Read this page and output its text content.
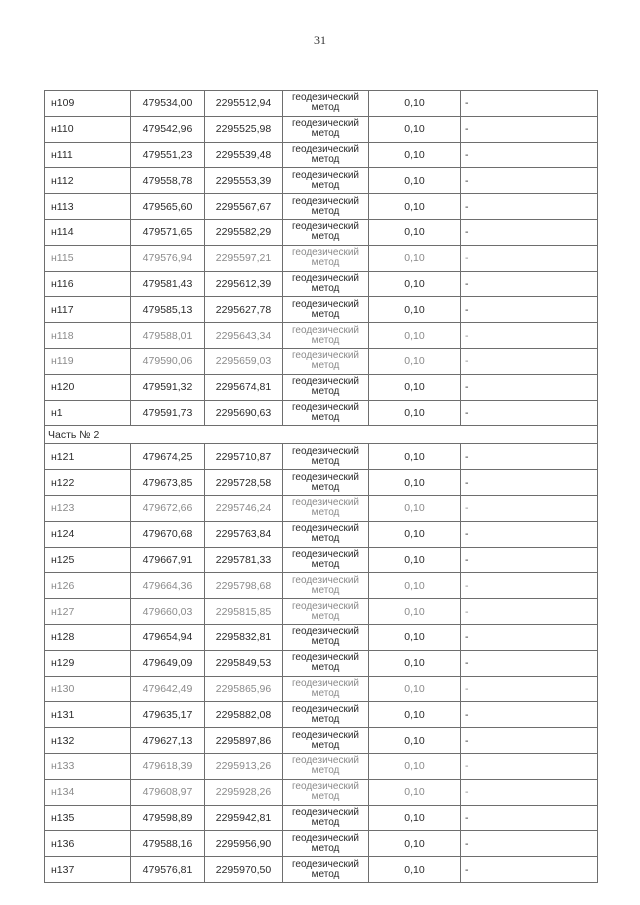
31
н109	479534,00	2295512,94	геодезический метод	0,10	-
н110	479542,96	2295525,98	геодезический метод	0,10	-
н111	479551,23	2295539,48	геодезический метод	0,10	-
н112	479558,78	2295553,39	геодезический метод	0,10	-
н113	479565,60	2295567,67	геодезический метод	0,10	-
н114	479571,65	2295582,29	геодезический метод	0,10	-
н115	479576,94	2295597,21	геодезический метод	0,10	-
н116	479581,43	2295612,39	геодезический метод	0,10	-
н117	479585,13	2295627,78	геодезический метод	0,10	-
н118	479588,01	2295643,34	геодезический метод	0,10	-
н119	479590,06	2295659,03	геодезический метод	0,10	-
н120	479591,32	2295674,81	геодезический метод	0,10	-
н1	479591,73	2295690,63	геодезический метод	0,10	-
Часть № 2					
н121	479674,25	2295710,87	геодезический метод	0,10	-
н122	479673,85	2295728,58	геодезический метод	0,10	-
н123	479672,66	2295746,24	геодезический метод	0,10	-
н124	479670,68	2295763,84	геодезический метод	0,10	-
н125	479667,91	2295781,33	геодезический метод	0,10	-
н126	479664,36	2295798,68	геодезический метод	0,10	-
н127	479660,03	2295815,85	геодезический метод	0,10	-
н128	479654,94	2295832,81	геодезический метод	0,10	-
н129	479649,09	2295849,53	геодезический метод	0,10	-
н130	479642,49	2295865,96	геодезический метод	0,10	-
н131	479635,17	2295882,08	геодезический метод	0,10	-
н132	479627,13	2295897,86	геодезический метод	0,10	-
н133	479618,39	2295913,26	геодезический метод	0,10	-
н134	479608,97	2295928,26	геодезический метод	0,10	-
н135	479598,89	2295942,81	геодезический метод	0,10	-
н136	479588,16	2295956,90	геодезический метод	0,10	-
н137	479576,81	2295970,50	геодезический метод	0,10	-
